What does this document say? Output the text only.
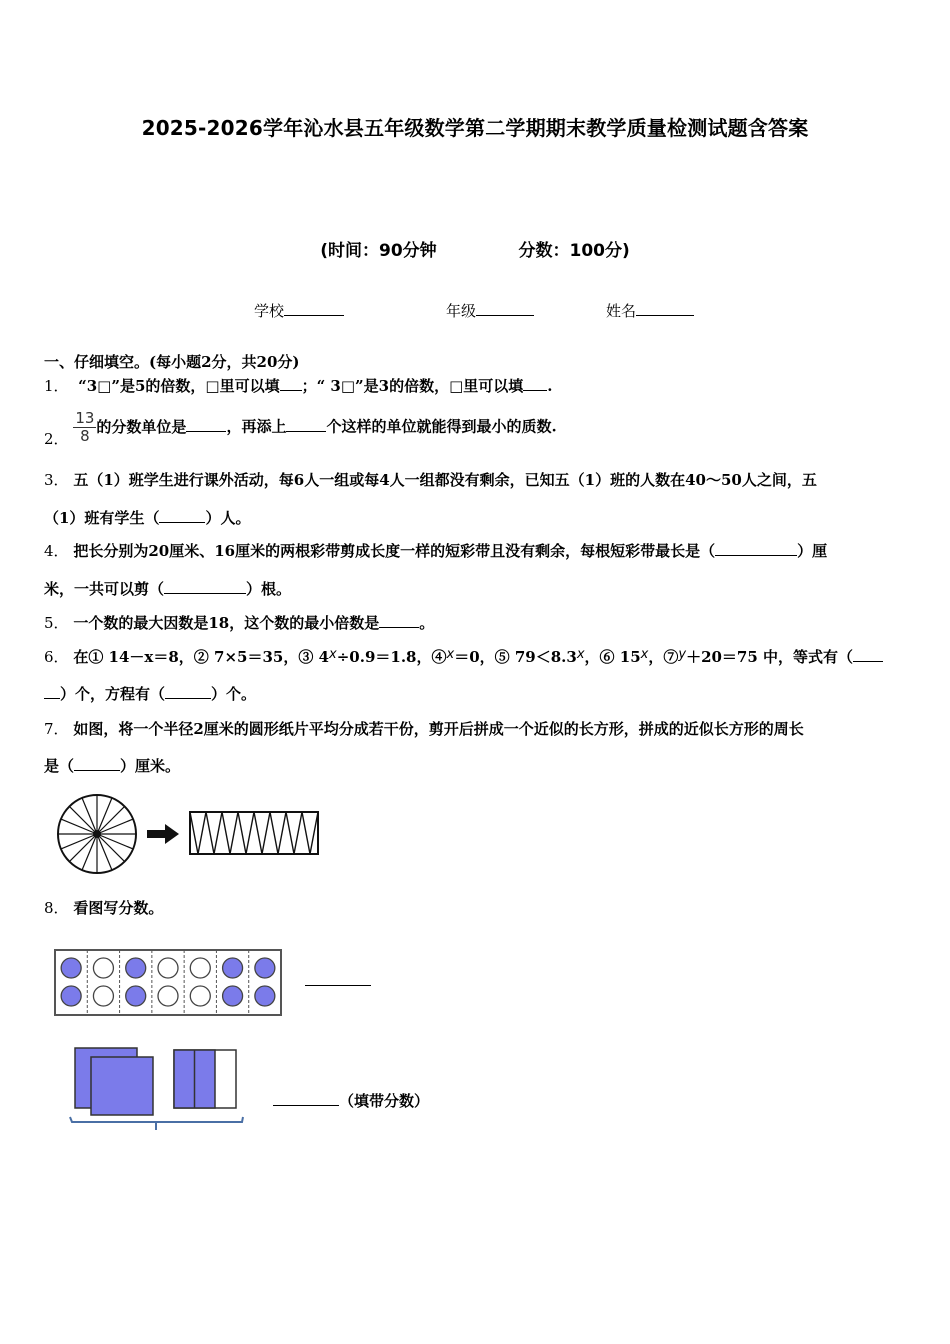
2025-2026学年沁水县五年级数学第二学期期末教学质量检测试题含答案
(时间：90分钟	分数：100分)
学校	年级	姓名
一、仔细填空。(每小题2分，共20分)
1． “3□”是5的倍数，□里可以填 ；“ 3□”是3的倍数，□里可以填 .
2． $\frac{13}{8}$ 的分数单位是	，再添上	个这样的单位就能得到最小的质数.
3． 五（1）班学生进行课外活动，每6人一组或每4人一组都没有剩余，已知五（1）班的人数在40～50人之间，五
（1）班有学生（	）人。
4． 把长分别为20厘米、16厘米的两根彩带剪成长度一样的短彩带且没有剩余，每根短彩带最长是（	）厘
米，一共可以剪（	）根。
5． 一个数的最大因数是18，这个数的最小倍数是	。
6． 在① 14－x＝8，② 7×5＝35，③ 4x÷0.9＝1.8，④x＝0，⑤ 79＜8.3x，⑥ 15x，⑦y＋20＝75 中，等式有（
）个，方程有（	）个。
7． 如图，将一个半径2厘米的圆形纸片平均分成若干份，剪开后拼成一个近似的长方形，拼成的近似长方形的周长
是（	）厘米。
8． 看图写分数。
（填带分数）
